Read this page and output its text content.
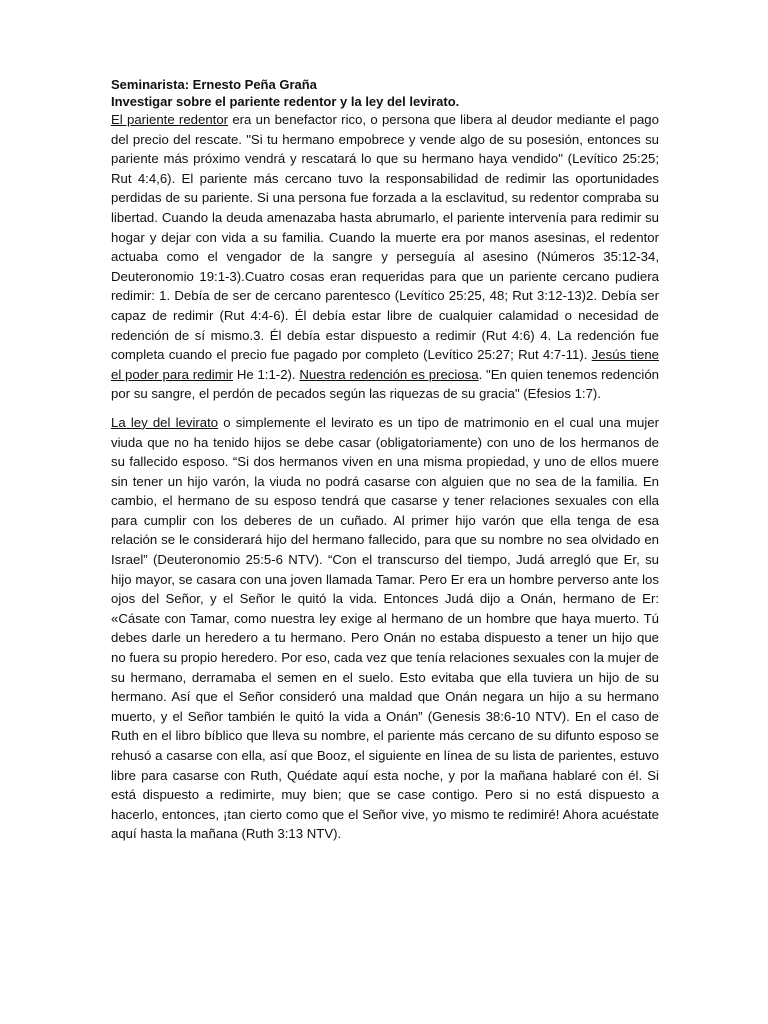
Seminarista: Ernesto Peña Graña

Investigar sobre el pariente redentor y la ley del levirato.

El pariente redentor era un benefactor rico, o persona que libera al deudor mediante el pago del precio del rescate. "Si tu hermano empobrece y vende algo de su posesión, entonces su pariente más próximo vendrá y rescatará lo que su hermano haya vendido" (Levítico 25:25; Rut 4:4,6). El pariente más cercano tuvo la responsabilidad de redimir las oportunidades perdidas de su pariente. Si una persona fue forzada a la esclavitud, su redentor compraba su libertad. Cuando la deuda amenazaba hasta abrumarlo, el pariente intervenía para redimir su hogar y dejar con vida a su familia. Cuando la muerte era por manos asesinas, el redentor actuaba como el vengador de la sangre y perseguía al asesino (Números 35:12-34, Deuteronomio 19:1-3).Cuatro cosas eran requeridas para que un pariente cercano pudiera redimir: 1. Debía de ser de cercano parentesco (Levítico 25:25, 48; Rut 3:12-13)2. Debía ser capaz de redimir (Rut 4:4-6). Él debía estar libre de cualquier calamidad o necesidad de redención de sí mismo.3. Él debía estar dispuesto a redimir (Rut 4:6) 4. La redención fue completa cuando el precio fue pagado por completo (Levítico 25:27; Rut 4:7-11). Jesús tiene el poder para redimir He 1:1-2). Nuestra redención es preciosa. "En quien tenemos redención por su sangre, el perdón de pecados según las riquezas de su gracia" (Efesios 1:7).

La ley del levirato o simplemente el levirato es un tipo de matrimonio en el cual una mujer viuda que no ha tenido hijos se debe casar (obligatoriamente) con uno de los hermanos de su fallecido esposo. “Si dos hermanos viven en una misma propiedad, y uno de ellos muere sin tener un hijo varón, la viuda no podrá casarse con alguien que no sea de la familia. En cambio, el hermano de su esposo tendrá que casarse y tener relaciones sexuales con ella para cumplir con los deberes de un cuñado. Al primer hijo varón que ella tenga de esa relación se le considerará hijo del hermano fallecido, para que su nombre no sea olvidado en Israel” (Deuteronomio 25:5-6 NTV). “Con el transcurso del tiempo, Judá arregló que Er, su hijo mayor, se casara con una joven llamada Tamar. Pero Er era un hombre perverso ante los ojos del Señor, y el Señor le quitó la vida. Entonces Judá dijo a Onán, hermano de Er: «Cásate con Tamar, como nuestra ley exige al hermano de un hombre que haya muerto. Tú debes darle un heredero a tu hermano. Pero Onán no estaba dispuesto a tener un hijo que no fuera su propio heredero. Por eso, cada vez que tenía relaciones sexuales con la mujer de su hermano, derramaba el semen en el suelo. Esto evitaba que ella tuviera un hijo de su hermano. Así que el Señor consideró una maldad que Onán negara un hijo a su hermano muerto, y el Señor también le quitó la vida a Onán” (Genesis 38:6-10 NTV). En el caso de Ruth en el libro bíblico que lleva su nombre, el pariente más cercano de su difunto esposo se rehusó a casarse con ella, así que Booz, el siguiente en línea de su lista de parientes, estuvo libre para casarse con Ruth, Quédate aquí esta noche, y por la mañana hablaré con él. Si está dispuesto a redimirte, muy bien; que se case contigo. Pero si no está dispuesto a hacerlo, entonces, ¡tan cierto como que el Señor vive, yo mismo te redimiré! Ahora acuéstate aquí hasta la mañana (Ruth 3:13 NTV).
